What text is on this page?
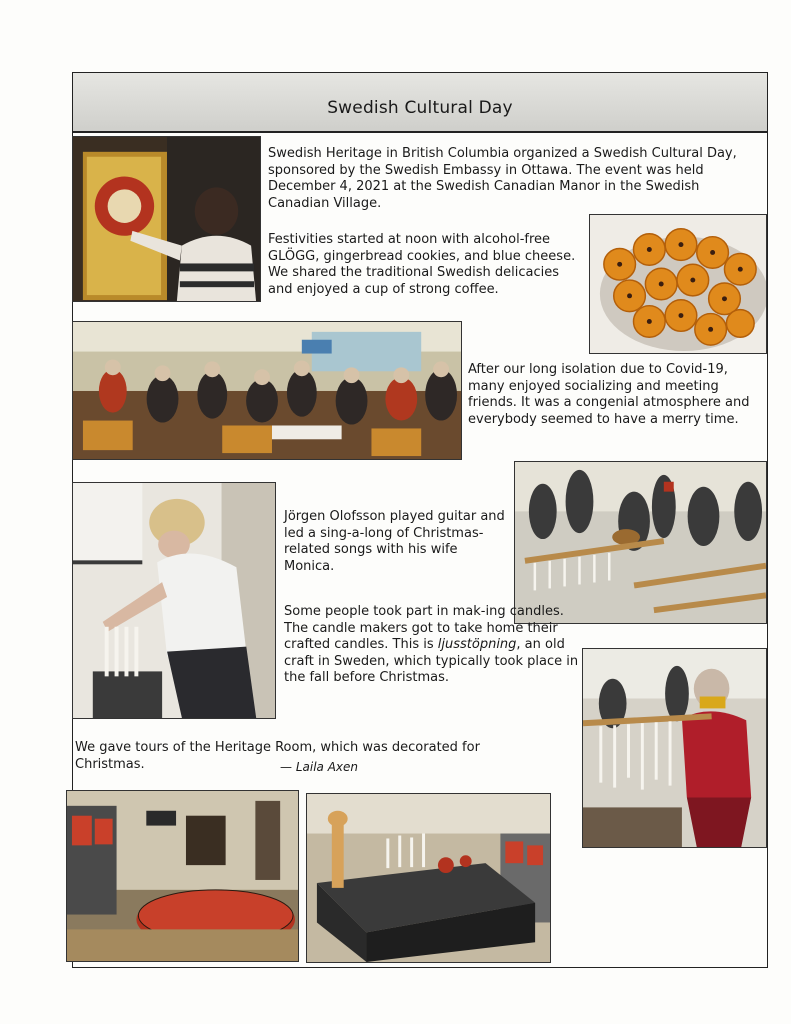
Swedish Cultural Day

Swedish Heritage in British Columbia organized a Swedish Cultural Day, sponsored by the Swedish Embassy in Ottawa. The event was held December 4, 2021 at the Swedish Canadian Manor in the Swedish Canadian Village.

Festivities started at noon with alcohol-free GLÖGG, gingerbread cookies, and blue cheese. We shared the traditional Swedish delicacies and enjoyed a cup of strong coffee.

After our long isolation due to Covid-19, many enjoyed socializing and meeting friends. It was a congenial atmosphere and everybody seemed to have a merry time.

Jörgen Olofsson played guitar and led a sing-a-long of Christmas-related songs with his wife Monica.

Some people took part in mak-ing candles. The candle makers got to take home their crafted candles. This is ljusstöpning, an old craft in Sweden, which typically took place in the fall before Christmas.

We gave tours of the Heritage Room, which was decorated for Christmas.	— Laila Axen
